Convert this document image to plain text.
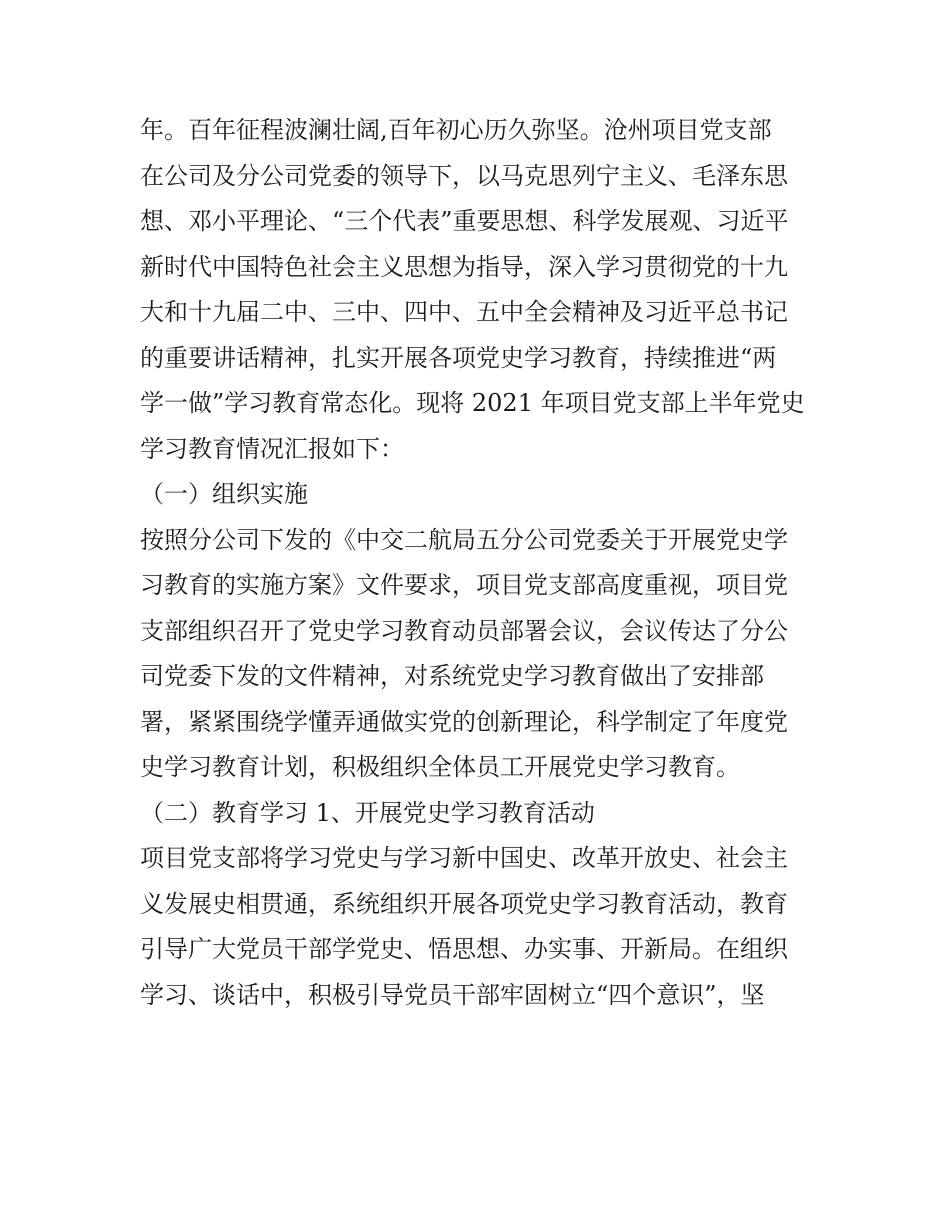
年。百年征程波澜壮阔,百年初心历久弥坚。沧州项目党支部
在公司及分公司党委的领导下，以马克思列宁主义、毛泽东思
想、邓小平理论、“三个代表”重要思想、科学发展观、习近平
新时代中国特色社会主义思想为指导，深入学习贯彻党的十九
大和十九届二中、三中、四中、五中全会精神及习近平总书记
的重要讲话精神，扎实开展各项党史学习教育，持续推进“两
学一做”学习教育常态化。现将 2021 年项目党支部上半年党史
学习教育情况汇报如下：
（一）组织实施
按照分公司下发的《中交二航局五分公司党委关于开展党史学
习教育的实施方案》文件要求，项目党支部高度重视，项目党
支部组织召开了党史学习教育动员部署会议，会议传达了分公
司党委下发的文件精神，对系统党史学习教育做出了安排部
署，紧紧围绕学懂弄通做实党的创新理论，科学制定了年度党
史学习教育计划，积极组织全体员工开展党史学习教育。
（二）教育学习 1、开展党史学习教育活动
项目党支部将学习党史与学习新中国史、改革开放史、社会主
义发展史相贯通，系统组织开展各项党史学习教育活动，教育
引导广大党员干部学党史、悟思想、办实事、开新局。在组织
学习、谈话中，积极引导党员干部牢固树立“四个意识”，坚
